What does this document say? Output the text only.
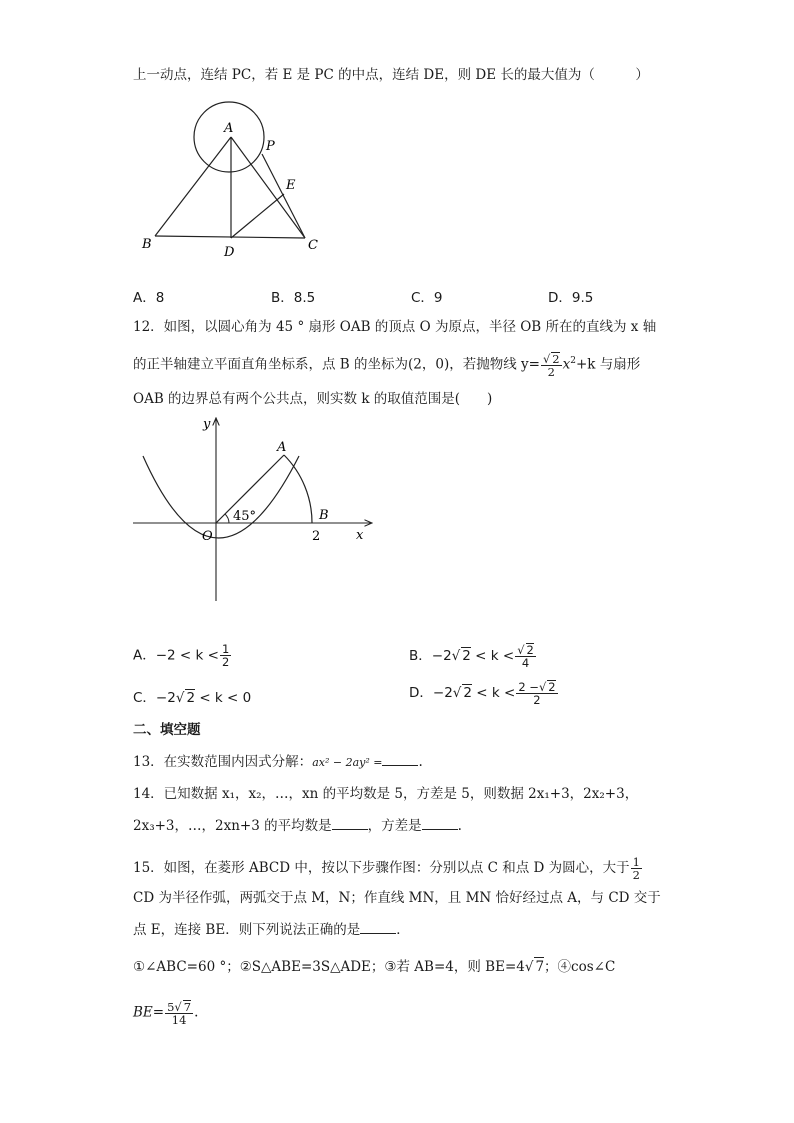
上一动点，连结 PC，若 E 是 PC 的中点，连结 DE，则 DE 长的最大值为（　　　）
A
P
E
B
D	C
A．8	B．8.5	C．9	D．9.5
12．如图，以圆心角为 45 ° 扇形 OAB 的顶点 O 为原点，半径 OB 所在的直线为 x 轴
的正半轴建立平面直角坐标系，点 B 的坐标为(2，0)，若抛物线 $y= \frac{√ 2}{2} x^2+k$ 与扇形
OAB 的边界总有两个公共点，则实数 k 的取值范围是(　　)
y
A
45°
O
B
2	x
A．$-2 < k < \frac{1}{2}$	B．−2√ $2 < k < \frac{√ 2}{4}$
C．−2√ 2 < k < 0	D．−2√ $2 < k < \frac{2 -√ 2}{2}$
二、填空题
13．在实数范围内因式分解：ax² − 2ay² =	.
14．已知数据 x₁，x₂，…，xn 的平均数是 5，方差是 5，则数据 2x₁+3，2x₂+3，
2x₃+3，…，2xn+3 的平均数是	，方差是	.
15．如图，在菱形 ABCD 中，按以下步骤作图：分别以点 C 和点 D 为圆心，大于 $\frac{1}{2}$
CD 为半径作弧，两弧交于点 M，N；作直线 MN，且 MN 恰好经过点 A，与 CD 交于
点 E，连接 BE．则下列说法正确的是	．
①∠ABC=60 °；②S△ABE=3S△ADE；③若 AB=4，则 BE=4√ 7；④cos∠C
$BE= \frac{5√ 7}{14}$ .
